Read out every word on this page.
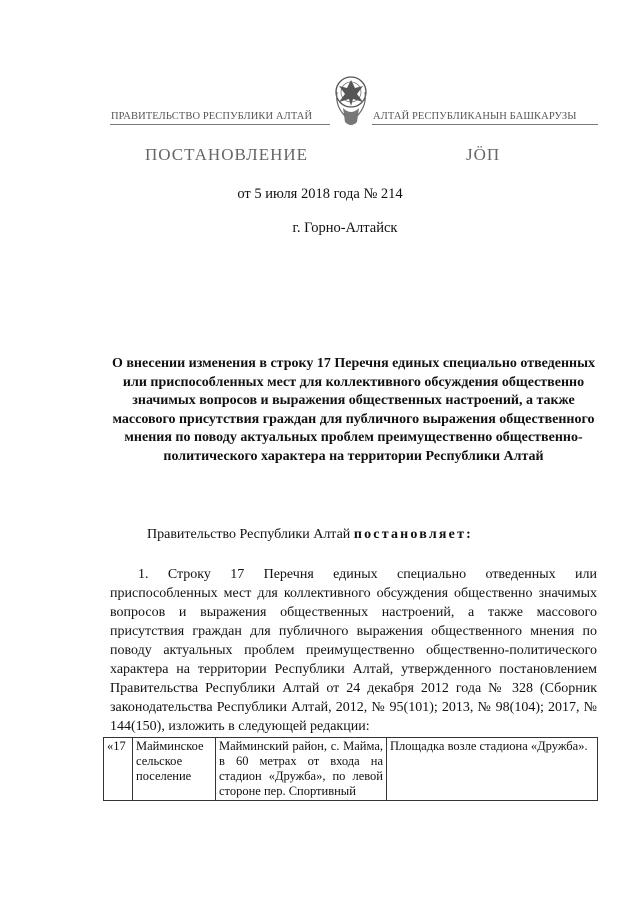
ПРАВИТЕЛЬСТВО РЕСПУБЛИКИ АЛТАЙ	АЛТАЙ РЕСПУБЛИКАНЫН БАШКАРУЗЫ
ПОСТАНОВЛЕНИЕ	JӦП
от 5 июля 2018 года № 214
г. Горно-Алтайск
О внесении изменения в строку 17 Перечня единых специально отведенных или приспособленных мест для коллективного обсуждения общественно значимых вопросов и выражения общественных настроений, а также массового присутствия граждан для публичного выражения общественного мнения по поводу актуальных проблем преимущественно общественно-политического характера на территории Республики Алтай
Правительство Республики Алтай постановляет:
1. Строку 17 Перечня единых специально отведенных или приспособленных мест для коллективного обсуждения общественно значимых вопросов и выражения общественных настроений, а также массового присутствия граждан для публичного выражения общественного мнения по поводу актуальных проблем преимущественно общественно-политического характера на территории Республики Алтай, утвержденного постановлением Правительства Республики Алтай от 24 декабря 2012 года № 328 (Сборник законодательства Республики Алтай, 2012, № 95(101); 2013, № 98(104); 2017, № 144(150), изложить в следующей редакции:
«17	Майминское сельское поселение	Майминский район, с. Майма, в 60 метрах от входа на стадион «Дружба», по левой стороне пер. Спортивный	Площадка возле стадиона «Дружба».
